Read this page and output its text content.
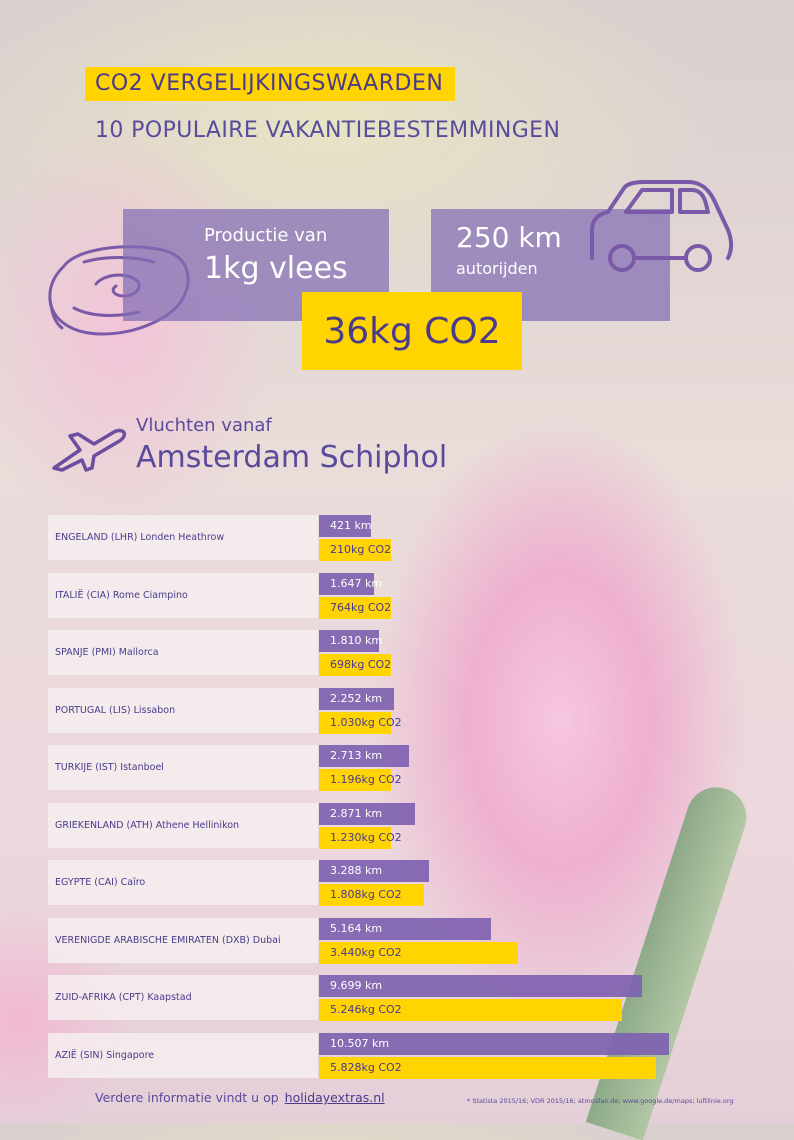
CO2 VERGELIJKINGSWAARDEN
10 POPULAIRE VAKANTIEBESTEMMINGEN
Productie van
1kg vlees
250 km
autorijden
36kg CO2
Vluchten vanaf
Amsterdam Schiphol
ENGELAND (LHR) Londen Heathrow
421 km
210kg CO2
ITALIË (CIA) Rome Ciampino
1.647 km
764kg CO2
SPANJE (PMI) Mallorca
1.810 km
698kg CO2
PORTUGAL (LIS) Lissabon
2.252 km
1.030kg CO2
TURKIJE (IST) Istanboel
2.713 km
1.196kg CO2
GRIEKENLAND (ATH) Athene Hellinikon
2.871 km
1.230kg CO2
EGYPTE (CAI) Caïro
3.288 km
1.808kg CO2
VERENIGDE ARABISCHE EMIRATEN (DXB) Dubai
5.164 km
3.440kg CO2
ZUID-AFRIKA (CPT) Kaapstad
9.699 km
5.246kg CO2
AZIË (SIN) Singapore
10.507 km
5.828kg CO2
Verdere informatie vindt u op holidayextras.nl	* Statista 2015/16; VDR 2015/16; atmosfair.de; www.google.de/maps; luftlinie.org
